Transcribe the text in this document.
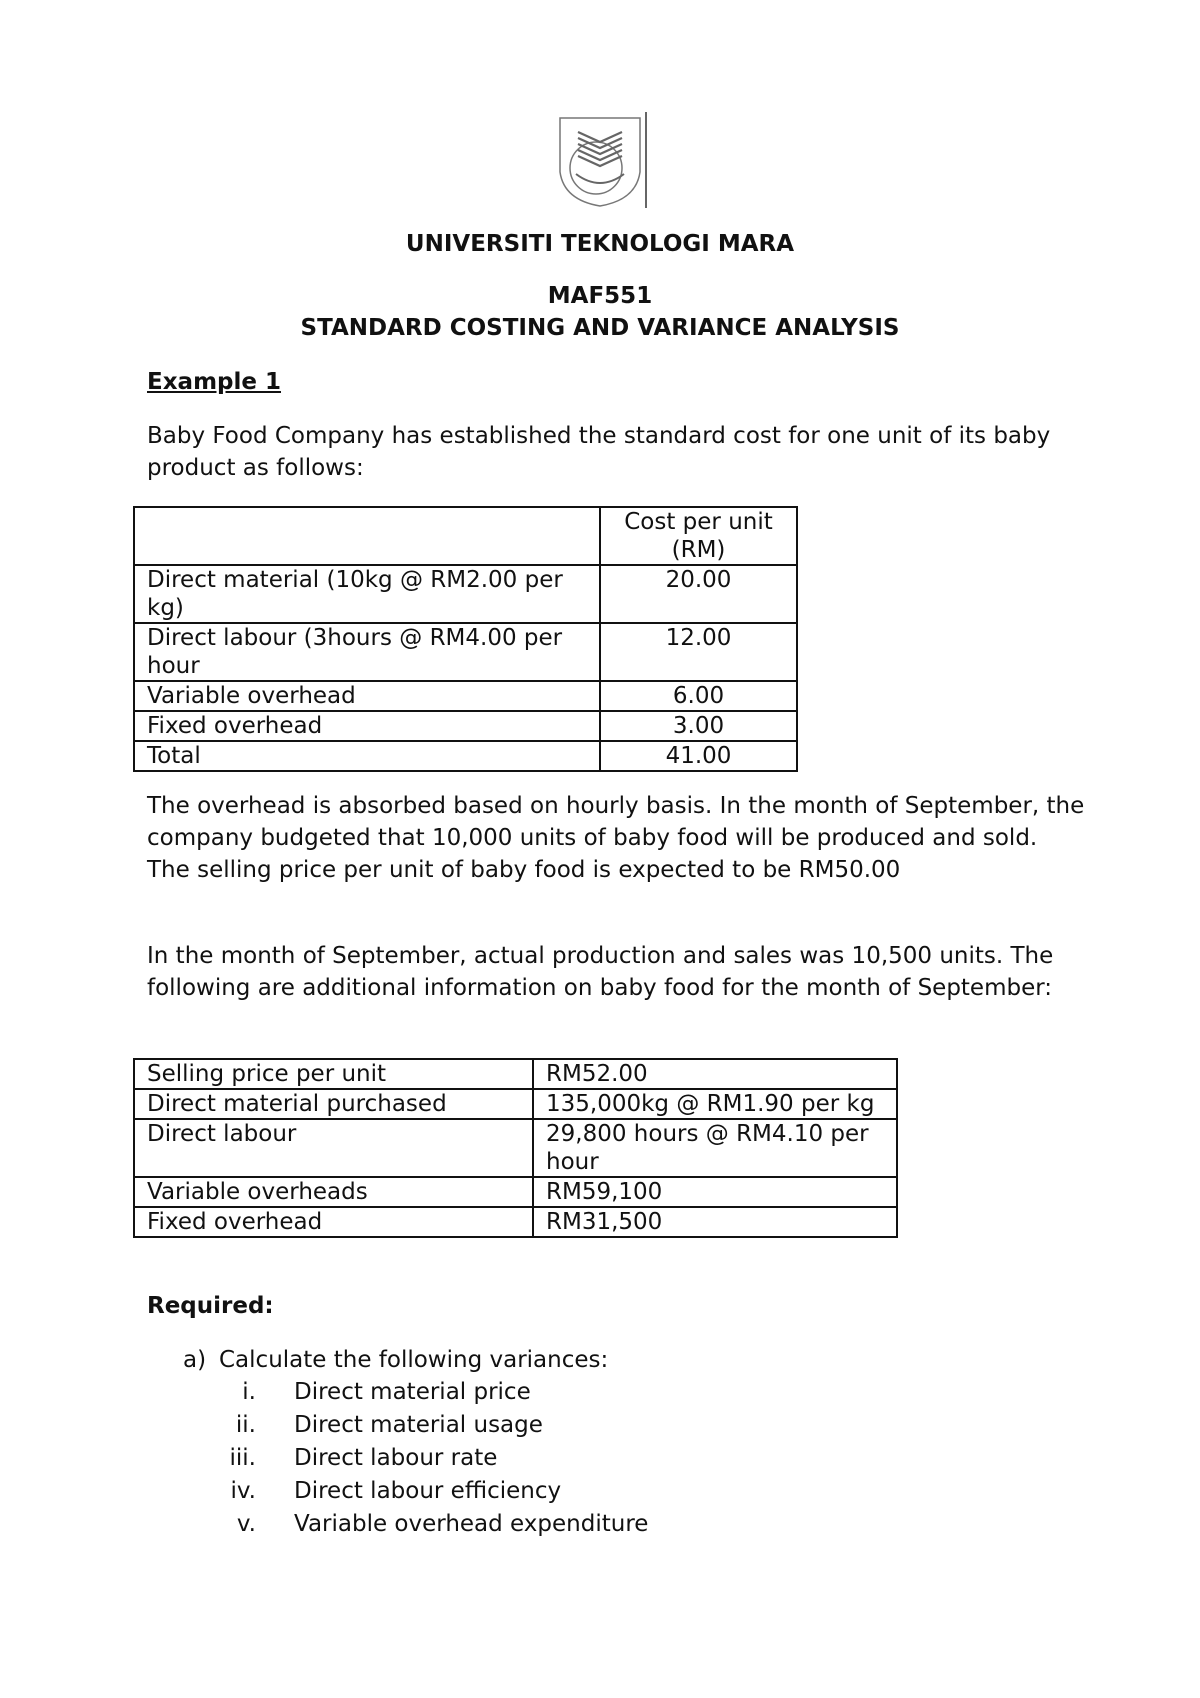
UNIVERSITI TEKNOLOGI MARA
MAF551
STANDARD COSTING AND VARIANCE ANALYSIS
Example 1

Baby Food Company has established the standard cost for one unit of its baby product as follows:

	Cost per unit (RM)
Direct material (10kg @ RM2.00 per kg)	20.00
Direct labour (3hours @ RM4.00 per hour	12.00
Variable overhead	6.00
Fixed overhead	3.00
Total	41.00

The overhead is absorbed based on hourly basis. In the month of September, the company budgeted that 10,000 units of baby food will be produced and sold. The selling price per unit of baby food is expected to be RM50.00

In the month of September, actual production and sales was 10,500 units. The following are additional information on baby food for the month of September:

Selling price per unit	RM52.00
Direct material purchased	135,000kg @ RM1.90 per kg
Direct labour	29,800 hours @ RM4.10 per hour
Variable overheads	RM59,100
Fixed overhead	RM31,500
Required:
a) Calculate the following variances:
i. Direct material price
ii. Direct material usage
iii. Direct labour rate
iv. Direct labour efficiency
v. Variable overhead expenditure
